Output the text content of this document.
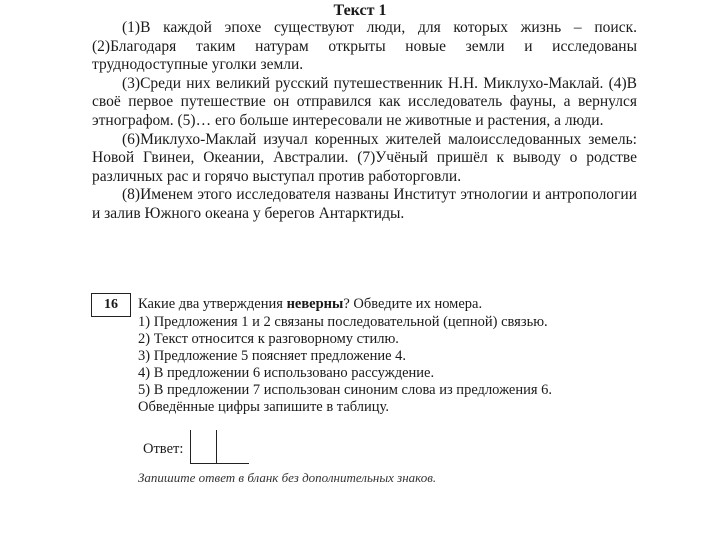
Текст 1

(1)В каждой эпохе существуют люди, для которых жизнь – поиск. (2)Благодаря таким натурам открыты новые земли и исследованы труднодоступные уголки земли.

(3)Среди них великий русский путешественник Н.Н. Миклухо-Маклай. (4)В своё первое путешествие он отправился как исследователь фауны, а вернулся этнографом. (5)… его больше интересовали не животные и растения, а люди.

(6)Миклухо-Маклай изучал коренных жителей малоисследованных земель: Новой Гвинеи, Океании, Австралии. (7)Учёный пришёл к выводу о родстве различных рас и горячо выступал против работорговли.

(8)Именем этого исследователя названы Институт этнологии и антропологии и залив Южного океана у берегов Антарктиды.

16	Какие два утверждения неверны? Обведите их номера.

1) Предложения 1 и 2 связаны последовательной (цепной) связью.
2) Текст относится к разговорному стилю.
3) Предложение 5 поясняет предложение 4.
4) В предложении 6 использовано рассуждение.
5) В предложении 7 использован синоним слова из предложения 6.

Обведённые цифры запишите в таблицу.

Ответ:
Запишите ответ в бланк без дополнительных знаков.
